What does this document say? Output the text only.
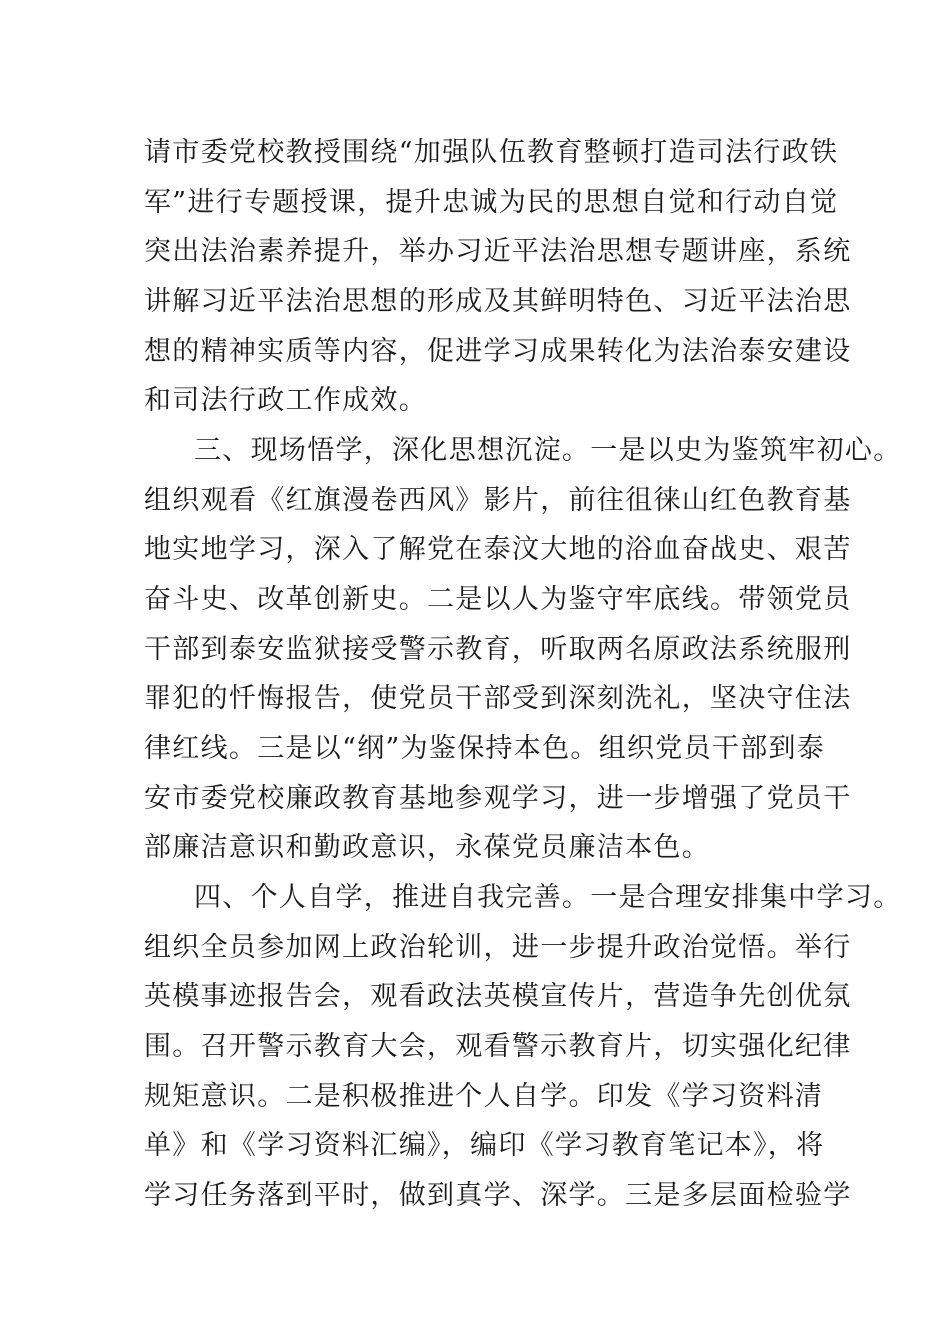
请市委党校教授围绕“加强队伍教育整顿打造司法行政铁
军”进行专题授课，提升忠诚为民的思想自觉和行动自觉
突出法治素养提升，举办习近平法治思想专题讲座，系统
讲解习近平法治思想的形成及其鲜明特色、习近平法治思
想的精神实质等内容，促进学习成果转化为法治泰安建设
和司法行政工作成效。
三、现场悟学，深化思想沉淀。一是以史为鉴筑牢初心。
组织观看《红旗漫卷西风》影片，前往徂徕山红色教育基
地实地学习，深入了解党在泰汶大地的浴血奋战史、艰苦
奋斗史、改革创新史。二是以人为鉴守牢底线。带领党员
干部到泰安监狱接受警示教育，听取两名原政法系统服刑
罪犯的忏悔报告，使党员干部受到深刻洗礼，坚决守住法
律红线。三是以“纲”为鉴保持本色。组织党员干部到泰
安市委党校廉政教育基地参观学习，进一步增强了党员干
部廉洁意识和勤政意识，永葆党员廉洁本色。
四、个人自学，推进自我完善。一是合理安排集中学习。
组织全员参加网上政治轮训，进一步提升政治觉悟。举行
英模事迹报告会，观看政法英模宣传片，营造争先创优氛
围。召开警示教育大会，观看警示教育片，切实强化纪律
规矩意识。二是积极推进个人自学。印发《学习资料清
单》和《学习资料汇编》，编印《学习教育笔记本》，将
学习任务落到平时，做到真学、深学。三是多层面检验学
